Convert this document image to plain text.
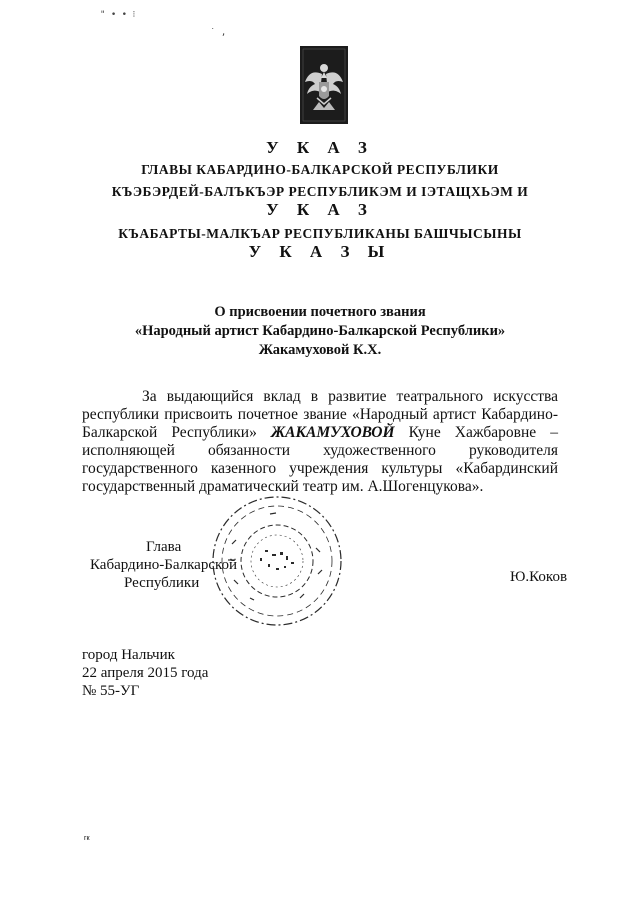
" • • ⁝
˙ ,
У К А З
ГЛАВЫ КАБАРДИНО-БАЛКАРСКОЙ РЕСПУБЛИКИ
КЪЭБЭРДЕЙ-БАЛЪКЪЭР РЕСПУБЛИКЭМ И ІЭТАЩХЬЭМ И
У К А З
КЪАБАРТЫ-МАЛКЪАР РЕСПУБЛИКАНЫ БАШЧЫСЫНЫ
У К А З Ы
О присвоении почетного звания
«Народный артист Кабардино-Балкарской Республики»
Жакамуховой К.Х.

За выдающийся вклад в развитие театрального искусства республики присвоить почетное звание «Народный артист Кабардино-Балкарской Республики» ЖАКАМУХОВОЙ Куне Хажбаровне – исполняющей обязанности художественного руководителя государственного казенного учреждения культуры «Кабардинский государственный драматический театр им. А.Шогенцукова».

Глава
Кабардино-Балкарской
Республики	Ю.Коков
город Нальчик
22 апреля 2015 года
№ 55-УГ
гк
